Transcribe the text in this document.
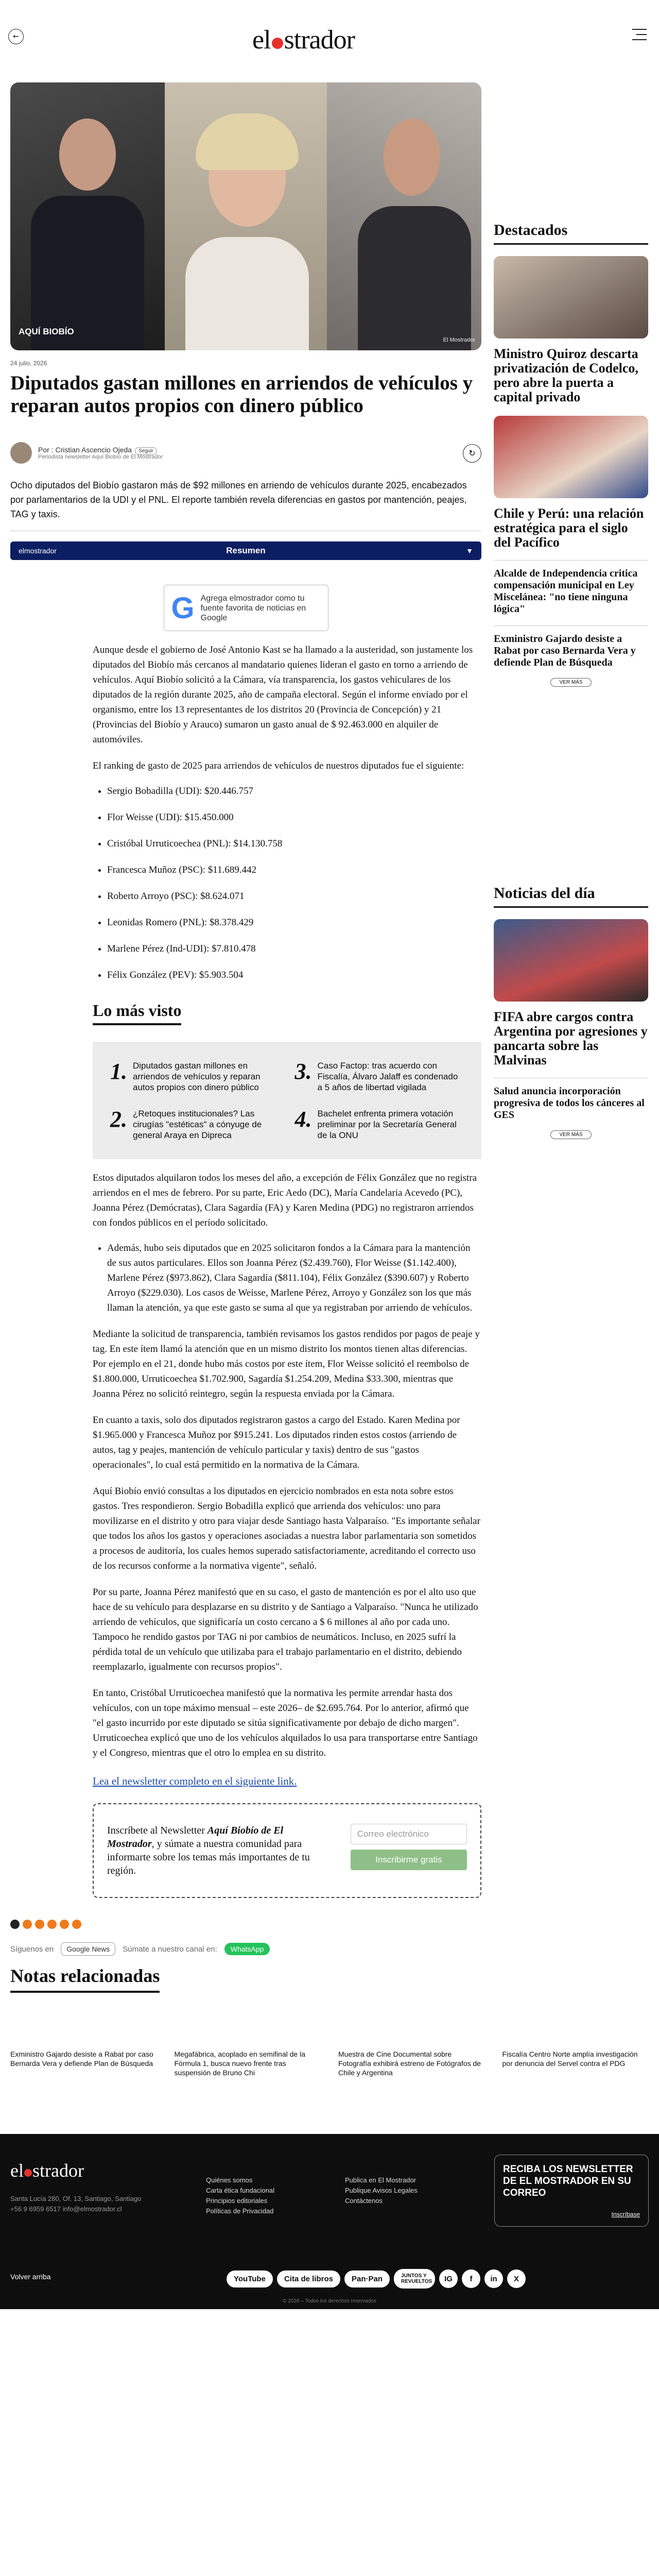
←	el strador
AQUÍ BIOBÍO
El Mostrador
24 julio, 2026
Diputados gastan millones en arriendos de vehículos y reparan autos propios con dinero público
Por : Cristian Ascencio Ojeda Seguir
Periodista newsletter Aquí Biobío de El Mostrador	↻
Ocho diputados del Biobío gastaron más de $92 millones en arriendo de vehículos durante 2025, encabezados por parlamentarios de la UDI y el PNL. El reporte también revela diferencias en gastos por mantención, peajes, TAG y taxis.
elmostrador	Resumen	▼
G Agrega elmostrador como tu fuente favorita de noticias en Google

Aunque desde el gobierno de José Antonio Kast se ha llamado a la austeridad, son justamente los diputados del Biobío más cercanos al mandatario quienes lideran el gasto en torno a arriendo de vehículos. Aquí Biobío solicitó a la Cámara, vía transparencia, los gastos vehiculares de los diputados de la región durante 2025, año de campaña electoral. Según el informe enviado por el organismo, entre los 13 representantes de los distritos 20 (Provincia de Concepción) y 21 (Provincias del Biobío y Arauco) sumaron un gasto anual de $ 92.463.000 en alquiler de automóviles.

El ranking de gasto de 2025 para arriendos de vehículos de nuestros diputados fue el siguiente:

• Sergio Bobadilla (UDI): $20.446.757
• Flor Weisse (UDI): $15.450.000
• Cristóbal Urruticoechea (PNL): $14.130.758
• Francesca Muñoz (PSC): $11.689.442
• Roberto Arroyo (PSC): $8.624.071
• Leonidas Romero (PNL): $8.378.429
• Marlene Pérez (Ind-UDI): $7.810.478
• Félix González (PEV): $5.903.504
Lo más visto
1. Diputados gastan millones en arriendos de vehículos y reparan autos propios con dinero público
3. Caso Factop: tras acuerdo con Fiscalía, Álvaro Jalaff es condenado a 5 años de libertad vigilada
2. ¿Retoques institucionales? Las cirugías "estéticas" a cónyuge de general Araya en Dipreca
4. Bachelet enfrenta primera votación preliminar por la Secretaría General de la ONU

Estos diputados alquilaron todos los meses del año, a excepción de Félix González que no registra arriendos en el mes de febrero. Por su parte, Eric Aedo (DC), María Candelaria Acevedo (PC), Joanna Pérez (Demócratas), Clara Sagardía (FA) y Karen Medina (PDG) no registraron arriendos con fondos públicos en el período solicitado.

• Además, hubo seis diputados que en 2025 solicitaron fondos a la Cámara para la mantención de sus autos particulares. Ellos son Joanna Pérez ($2.439.760), Flor Weisse ($1.142.400), Marlene Pérez ($973.862), Clara Sagardía ($811.104), Félix González ($390.607) y Roberto Arroyo ($229.030). Los casos de Weisse, Marlene Pérez, Arroyo y González son los que más llaman la atención, ya que este gasto se suma al que ya registraban por arriendo de vehículos.

Mediante la solicitud de transparencia, también revisamos los gastos rendidos por pagos de peaje y tag. En este ítem llamó la atención que en un mismo distrito los montos tienen altas diferencias. Por ejemplo en el 21, donde hubo más costos por este ítem, Flor Weisse solicitó el reembolso de $1.800.000, Urruticoechea $1.702.900, Sagardía $1.254.209, Medina $33.300, mientras que Joanna Pérez no solicitó reintegro, según la respuesta enviada por la Cámara.

En cuanto a taxis, solo dos diputados registraron gastos a cargo del Estado. Karen Medina por $1.965.000 y Francesca Muñoz por $915.241. Los diputados rinden estos costos (arriendo de autos, tag y peajes, mantención de vehículo particular y taxis) dentro de sus "gastos operacionales", lo cual está permitido en la normativa de la Cámara.

Aquí Biobío envió consultas a los diputados en ejercicio nombrados en esta nota sobre estos gastos. Tres respondieron. Sergio Bobadilla explicó que arrienda dos vehículos: uno para movilizarse en el distrito y otro para viajar desde Santiago hasta Valparaíso. "Es importante señalar que todos los años los gastos y operaciones asociadas a nuestra labor parlamentaria son sometidos a procesos de auditoría, los cuales hemos superado satisfactoriamente, acreditando el correcto uso de los recursos conforme a la normativa vigente", señaló.

Por su parte, Joanna Pérez manifestó que en su caso, el gasto de mantención es por el alto uso que hace de su vehículo para desplazarse en su distrito y de Santiago a Valparaíso. "Nunca he utilizado arriendo de vehículos, que significaría un costo cercano a $ 6 millones al año por cada uno. Tampoco he rendido gastos por TAG ni por cambios de neumáticos. Incluso, en 2025 sufrí la pérdida total de un vehículo que utilizaba para el trabajo parlamentario en el distrito, debiendo reemplazarlo, igualmente con recursos propios".

En tanto, Cristóbal Urruticoechea manifestó que la normativa les permite arrendar hasta dos vehículos, con un tope máximo mensual – este 2026– de $2.695.764. Por lo anterior, afirmó que "el gasto incurrido por este diputado se sitúa significativamente por debajo de dicho margen". Urruticoechea explicó que uno de los vehículos alquilados lo usa para transportarse entre Santiago y el Congreso, mientras que el otro lo emplea en su distrito.

Lea el newsletter completo en el siguiente link.
Inscríbete al Newsletter Aquí Biobío de El Mostrador, y súmate a nuestra comunidad para informarte sobre los temas más importantes de tu región.
Correo electrónico
Inscribirme gratis
Síguenos en	Google News	Súmate a nuestro canal en:	WhatsApp
Destacados
Ministro Quiroz descarta privatización de Codelco, pero abre la puerta a capital privado
Chile y Perú: una relación estratégica para el siglo del Pacífico
Alcalde de Independencia critica compensación municipal en Ley Miscelánea: "no tiene ninguna lógica"
Exministro Gajardo desiste a Rabat por caso Bernarda Vera y defiende Plan de Búsqueda
VER MÁS
Noticias del día
FIFA abre cargos contra Argentina por agresiones y pancarta sobre las Malvinas
Salud anuncia incorporación progresiva de todos los cánceres al GES
VER MÁS
Notas relacionadas
Exministro Gajardo desiste a Rabat por caso Bernarda Vera y defiende Plan de Búsqueda
Megafábrica, acoplado en semifinal de la Fórmula 1, busca nuevo frente tras suspensión de Bruno Chi
Muestra de Cine Documental sobre Fotografía exhibirá estreno de Fotógrafos de Chile y Argentina
Fiscalía Centro Norte amplía investigación por denuncia del Servel contra el PDG
el strador
Santa Lucía 280, Of. 13, Santiago, Santiago
+56 9 6959 6517 info@elmostrador.cl
Quiénes somos
Carta ética fundacional
Principios editoriales
Políticas de Privacidad
Publica en El Mostrador
Publique Avisos Legales
Contáctenos
RECIBA LOS NEWSLETTER DE EL MOSTRADOR EN SU CORREO
Inscríbase
Volver arriba	YouTube	Cita de libros	Pan·Pan	JUNTOS Y REVUELTOS	IG	f	in	X
© 2026 – Todos los derechos reservados
